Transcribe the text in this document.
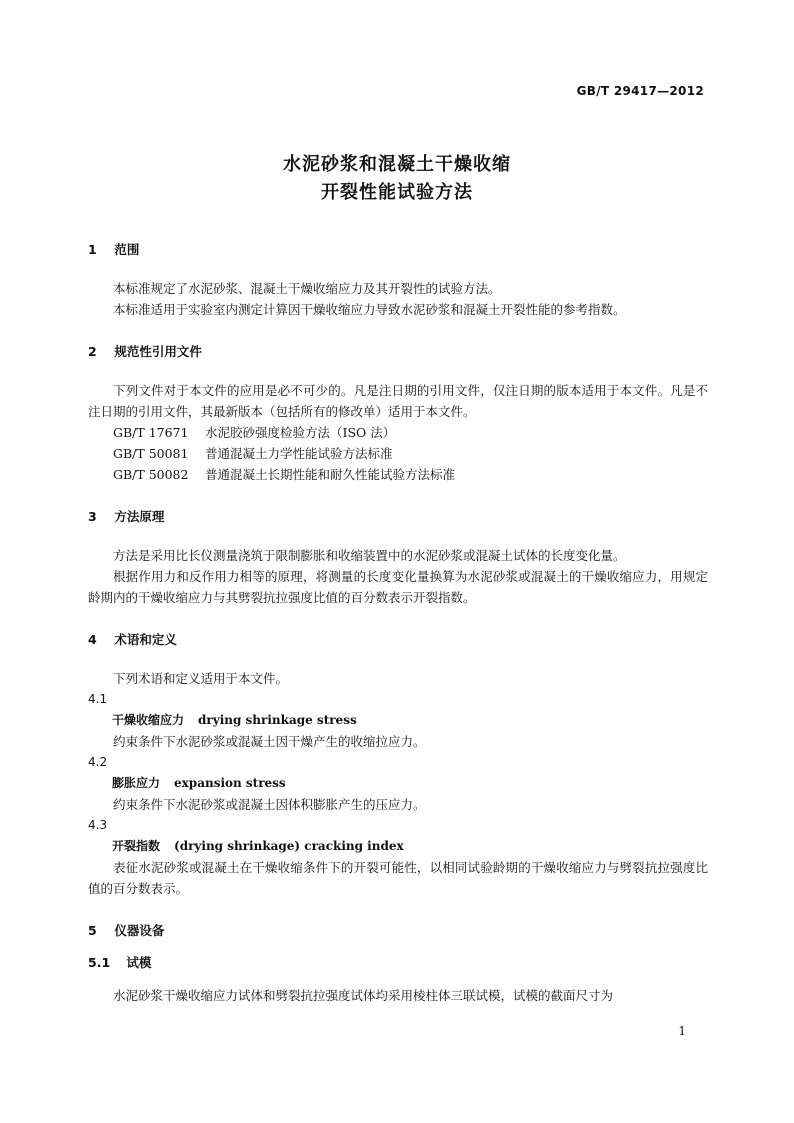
GB/T 29417—2012
水泥砂浆和混凝土干燥收缩
开裂性能试验方法
1 范围

本标准规定了水泥砂浆、混凝土干燥收缩应力及其开裂性的试验方法。

本标准适用于实验室内测定计算因干燥收缩应力导致水泥砂浆和混凝土开裂性能的参考指数。

2 规范性引用文件

下列文件对于本文件的应用是必不可少的。凡是注日期的引用文件，仅注日期的版本适用于本文件。凡是不注日期的引用文件，其最新版本（包括所有的修改单）适用于本文件。

GB/T 17671 水泥胶砂强度检验方法（ISO 法）

GB/T 50081 普通混凝土力学性能试验方法标准

GB/T 50082 普通混凝土长期性能和耐久性能试验方法标准

3 方法原理

方法是采用比长仪测量浇筑于限制膨胀和收缩装置中的水泥砂浆或混凝土试体的长度变化量。

根据作用力和反作用力相等的原理，将测量的长度变化量换算为水泥砂浆或混凝土的干燥收缩应力，用规定龄期内的干燥收缩应力与其劈裂抗拉强度比值的百分数表示开裂指数。

4 术语和定义

下列术语和定义适用于本文件。

4.1

干燥收缩应力 drying shrinkage stress

约束条件下水泥砂浆或混凝土因干燥产生的收缩拉应力。

4.2

膨胀应力 expansion stress

约束条件下水泥砂浆或混凝土因体积膨胀产生的压应力。

4.3

开裂指数 (drying shrinkage) cracking index

表征水泥砂浆或混凝土在干燥收缩条件下的开裂可能性，以相同试验龄期的干燥收缩应力与劈裂抗拉强度比值的百分数表示。

5 仪器设备
5.1 试模

水泥砂浆干燥收缩应力试体和劈裂抗拉强度试体均采用棱柱体三联试模，试模的截面尺寸为

1
